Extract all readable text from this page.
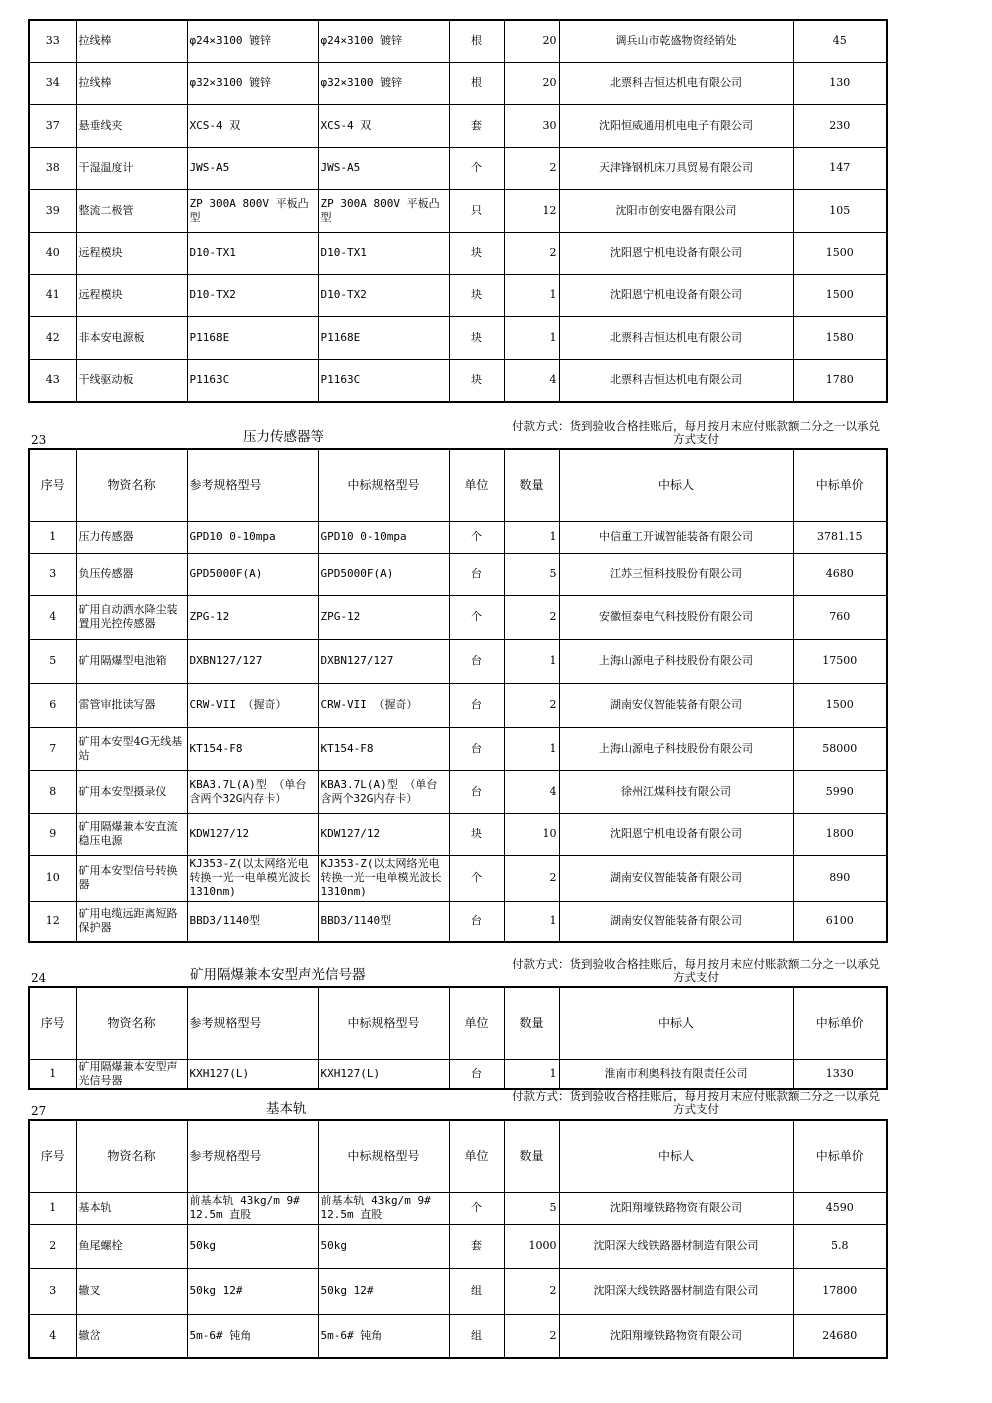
33	拉线棒	φ24×3100 镀锌	φ24×3100 镀锌	根	20	调兵山市乾盛物资经销处	45
34	拉线棒	φ32×3100 镀锌	φ32×3100 镀锌	根	20	北票科吉恒达机电有限公司	130
37	悬垂线夹	XCS-4 双	XCS-4 双	套	30	沈阳恒威通用机电电子有限公司	230
38	干湿温度计	JWS-A5	JWS-A5	个	2	天津锋钢机床刀具贸易有限公司	147
39	整流二极管	ZP 300A 800V 平板凸型	ZP 300A 800V 平板凸型	只	12	沈阳市创安电器有限公司	105
40	远程模块	D10-TX1	D10-TX1	块	2	沈阳恩宁机电设备有限公司	1500
41	远程模块	D10-TX2	D10-TX2	块	1	沈阳恩宁机电设备有限公司	1500
42	非本安电源板	P1168E	P1168E	块	1	北票科吉恒达机电有限公司	1580
43	干线驱动板	P1163C	P1163C	块	4	北票科吉恒达机电有限公司	1780
23	压力传感器等
付款方式：货到验收合格挂账后，每月按月末应付账款额二分之一以承兑方式支付
序号	物资名称	参考规格型号	中标规格型号	单位	数量	中标人	中标单价
1	压力传感器	GPD10 0-10mpa	GPD10 0-10mpa	个	1	中信重工开诚智能装备有限公司	3781.15
3	负压传感器	GPD5000F(A)	GPD5000F(A)	台	5	江苏三恒科技股份有限公司	4680
4	矿用自动洒水降尘装置用光控传感器	ZPG-12	ZPG-12	个	2	安徽恒泰电气科技股份有限公司	760
5	矿用隔爆型电池箱	DXBN127/127	DXBN127/127	台	1	上海山源电子科技股份有限公司	17500
6	雷管审批读写器	CRW-VII （握奇）	CRW-VII （握奇）	台	2	湖南安仪智能装备有限公司	1500
7	矿用本安型4G无线基站	KT154-F8	KT154-F8	台	1	上海山源电子科技股份有限公司	58000
8	矿用本安型摄录仪	KBA3.7L(A)型 （单台含两个32G内存卡）	KBA3.7L(A)型 （单台含两个32G内存卡）	台	4	徐州江煤科技有限公司	5990
9	矿用隔爆兼本安直流稳压电源	KDW127/12	KDW127/12	块	10	沈阳恩宁机电设备有限公司	1800
10	矿用本安型信号转换器	KJ353-Z(以太网络光电转换一光一电单模光波长1310nm)	KJ353-Z(以太网络光电转换一光一电单模光波长1310nm)	个	2	湖南安仪智能装备有限公司	890
12	矿用电缆远距离短路保护器	BBD3/1140型	BBD3/1140型	台	1	湖南安仪智能装备有限公司	6100
24	矿用隔爆兼本安型声光信号器
付款方式：货到验收合格挂账后，每月按月末应付账款额二分之一以承兑方式支付
序号	物资名称	参考规格型号	中标规格型号	单位	数量	中标人	中标单价
1	矿用隔爆兼本安型声光信号器	KXH127(L)	KXH127(L)	台	1	淮南市利奥科技有限责任公司	1330
27	基本轨
付款方式：货到验收合格挂账后，每月按月末应付账款额二分之一以承兑方式支付
序号	物资名称	参考规格型号	中标规格型号	单位	数量	中标人	中标单价
1	基本轨	前基本轨 43kg/m 9# 12.5m 直股	前基本轨 43kg/m 9# 12.5m 直股	个	5	沈阳翔壕铁路物资有限公司	4590
2	鱼尾螺栓	50kg	50kg	套	1000	沈阳深大线铁路器材制造有限公司	5.8
3	辙叉	50kg 12#	50kg 12#	组	2	沈阳深大线铁路器材制造有限公司	17800
4	辙岔	5m-6# 钝角	5m-6# 钝角	组	2	沈阳翔壕铁路物资有限公司	24680
